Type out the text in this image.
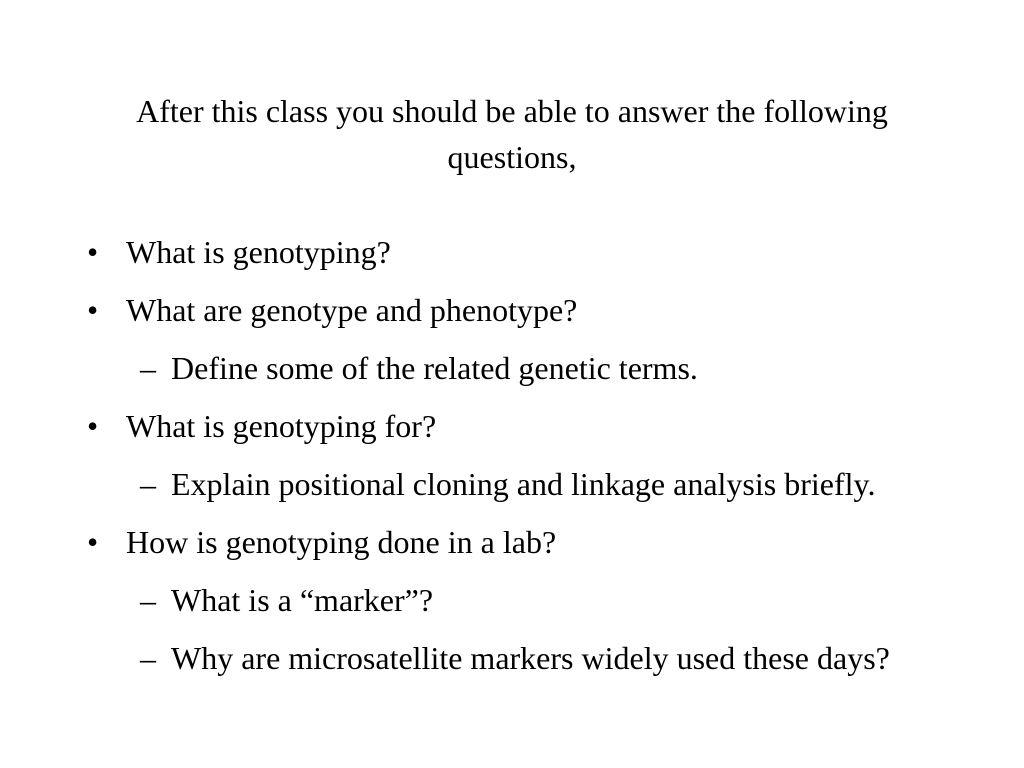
After this class you should be able to answer the following questions,
• What is genotyping?
• What are genotype and phenotype?
– Define some of the related genetic terms.
• What is genotyping for?
– Explain positional cloning and linkage analysis briefly.
• How is genotyping done in a lab?
– What is a “marker”?
– Why are microsatellite markers widely used these days?
